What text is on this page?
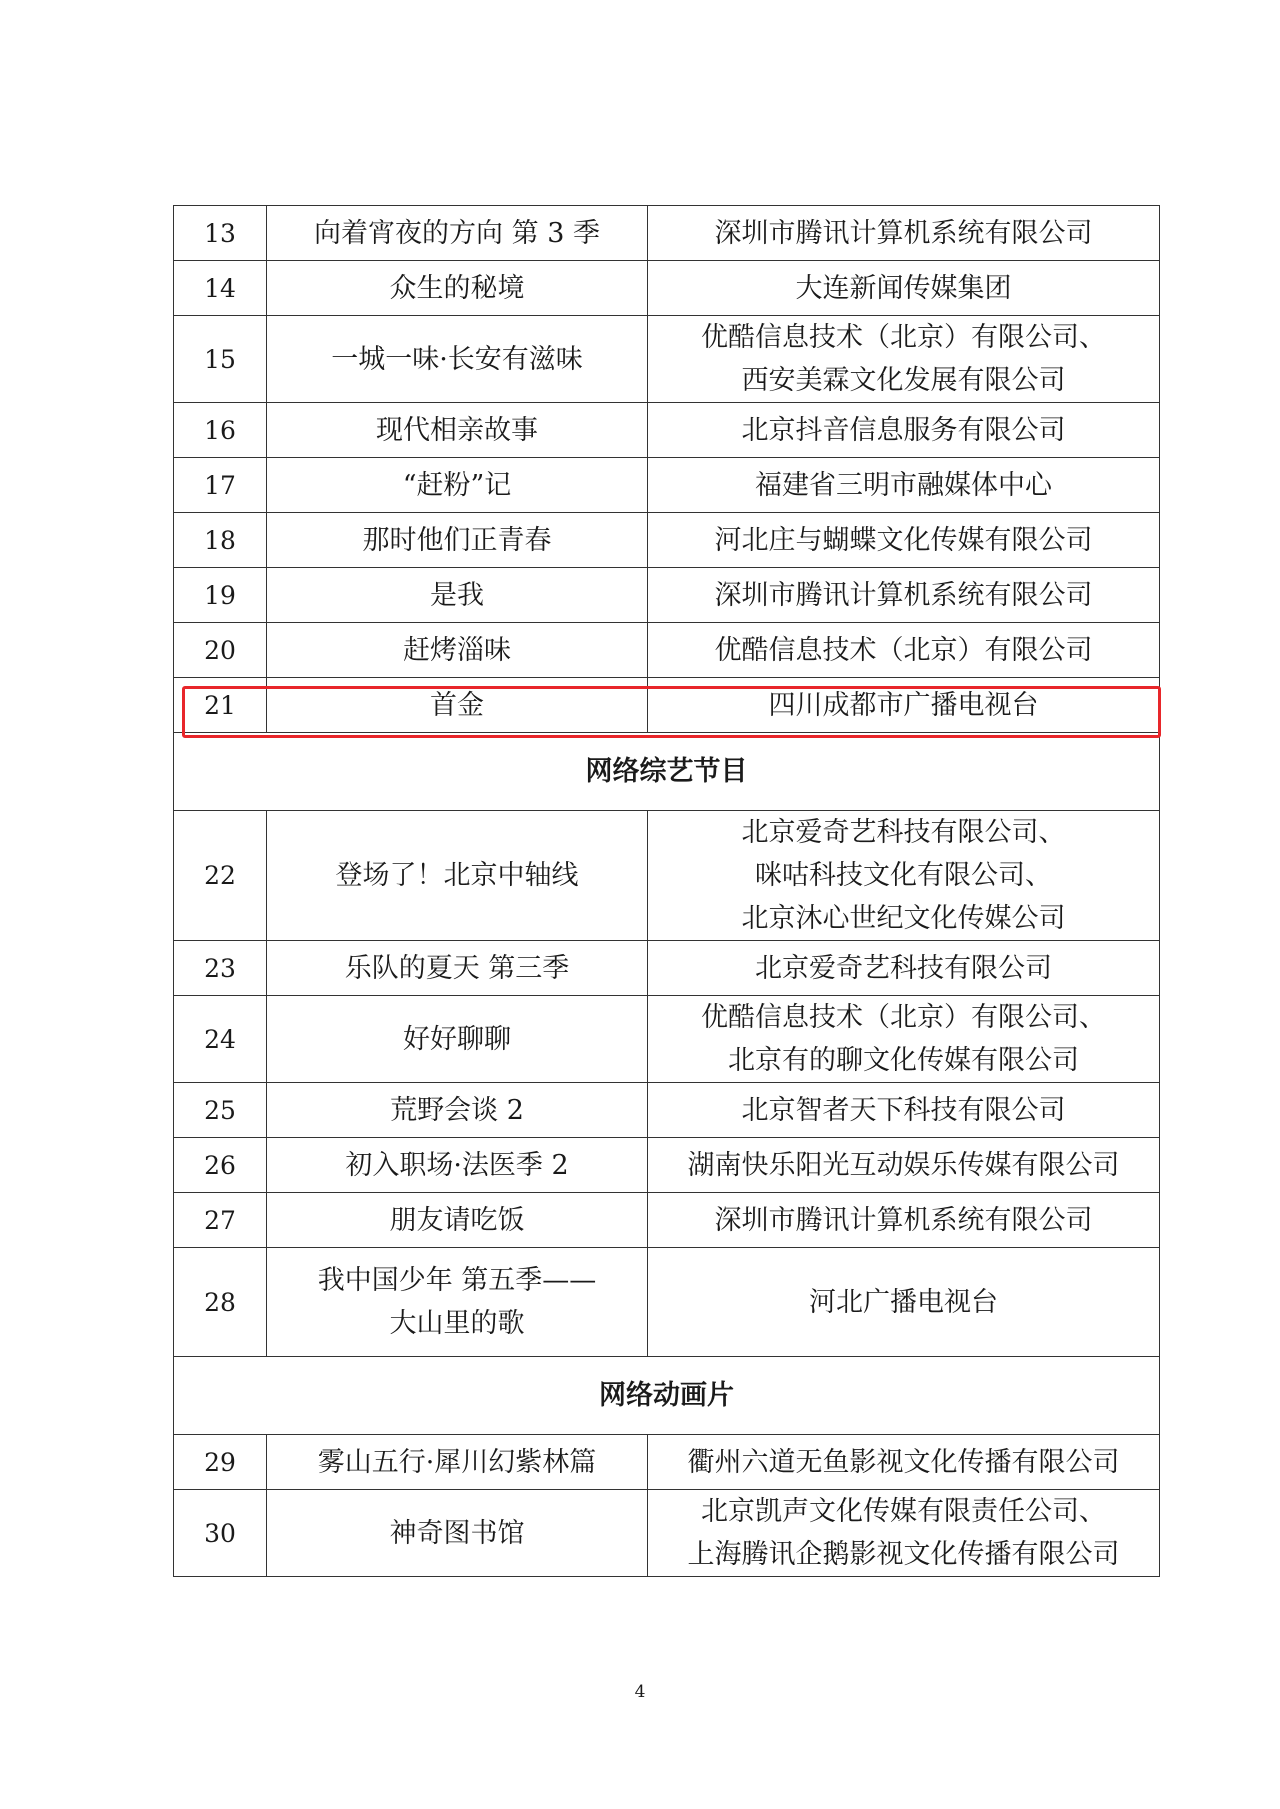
13	向着宵夜的方向 第 3 季	深圳市腾讯计算机系统有限公司

14	众生的秘境	大连新闻传媒集团

15	一城一味·长安有滋味	优酷信息技术（北京）有限公司、
西安美霖文化发展有限公司

16	现代相亲故事	北京抖音信息服务有限公司

17	“赶粉”记	福建省三明市融媒体中心

18	那时他们正青春	河北庄与蝴蝶文化传媒有限公司

19	是我	深圳市腾讯计算机系统有限公司

20	赶烤淄味	优酷信息技术（北京）有限公司

21	首金	四川成都市广播电视台

网络综艺节目		
22	登场了！北京中轴线	北京爱奇艺科技有限公司、
咪咕科技文化有限公司、
北京沐心世纪文化传媒公司

23	乐队的夏天 第三季	北京爱奇艺科技有限公司

24	好好聊聊	优酷信息技术（北京）有限公司、
北京有的聊文化传媒有限公司

25	荒野会谈 2	北京智者天下科技有限公司

26	初入职场·法医季 2	湖南快乐阳光互动娱乐传媒有限公司

27	朋友请吃饭	深圳市腾讯计算机系统有限公司

28	我中国少年 第五季——
大山里的歌	河北广播电视台

网络动画片		
29	雾山五行·犀川幻紫林篇	衢州六道无鱼影视文化传播有限公司

30	神奇图书馆	北京凯声文化传媒有限责任公司、
上海腾讯企鹅影视文化传播有限公司
4
